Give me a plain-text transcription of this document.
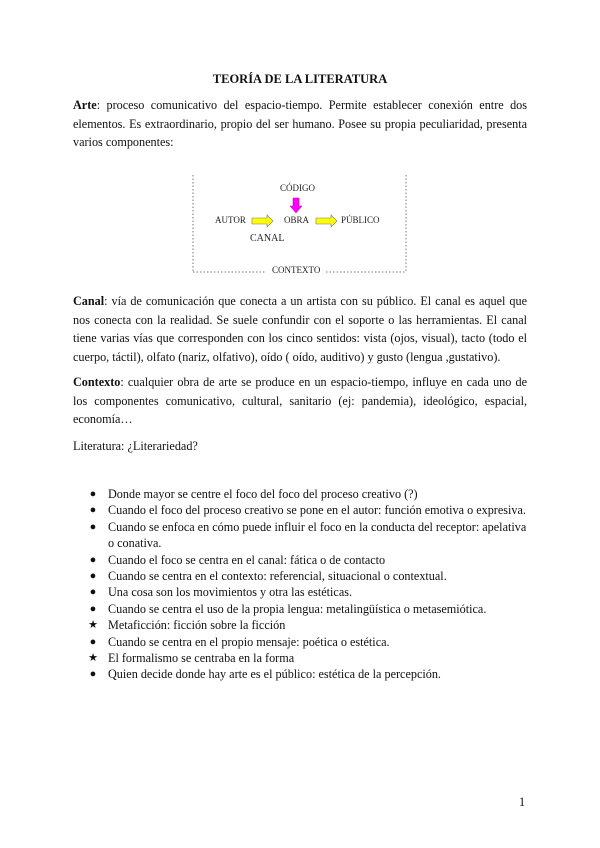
TEORÍA DE LA LITERATURA
Arte: proceso comunicativo del espacio-tiempo. Permite establecer conexión entre dos elementos. Es extraordinario, propio del ser humano. Posee su propia peculiaridad, presenta varios componentes:
CÓDIGO
AUTOR	OBRA	PÚBLICO
CANAL
CONTEXTO
Canal: vía de comunicación que conecta a un artista con su público. El canal es aquel que nos conecta con la realidad. Se suele confundir con el soporte o las herramientas. El canal tiene varias vías que corresponden con los cinco sentidos: vista (ojos, visual), tacto (todo el cuerpo, táctil), olfato (nariz, olfativo), oído ( oído, auditivo) y gusto (lengua ,gustativo).
Contexto: cualquier obra de arte se produce en un espacio-tiempo, influye en cada uno de los componentes comunicativo, cultural, sanitario (ej: pandemia), ideológico, espacial, economía…
Literatura: ¿Literariedad?
● Donde mayor se centre el foco del foco del proceso creativo (?)
● Cuando el foco del proceso creativo se pone en el autor: función emotiva o expresiva.
● Cuando se enfoca en cómo puede influir el foco en la conducta del receptor: apelativa o conativa.
● Cuando el foco se centra en el canal: fática o de contacto
● Cuando se centra en el contexto: referencial, situacional o contextual.
● Una cosa son los movimientos y otra las estéticas.
● Cuando se centra el uso de la propia lengua: metalingüística o metasemiótica.
★ Metaficción: ficción sobre la ficción
● Cuando se centra en el propio mensaje: poética o estética.
★ El formalismo se centraba en la forma
● Quien decide donde hay arte es el público: estética de la percepción.
1
